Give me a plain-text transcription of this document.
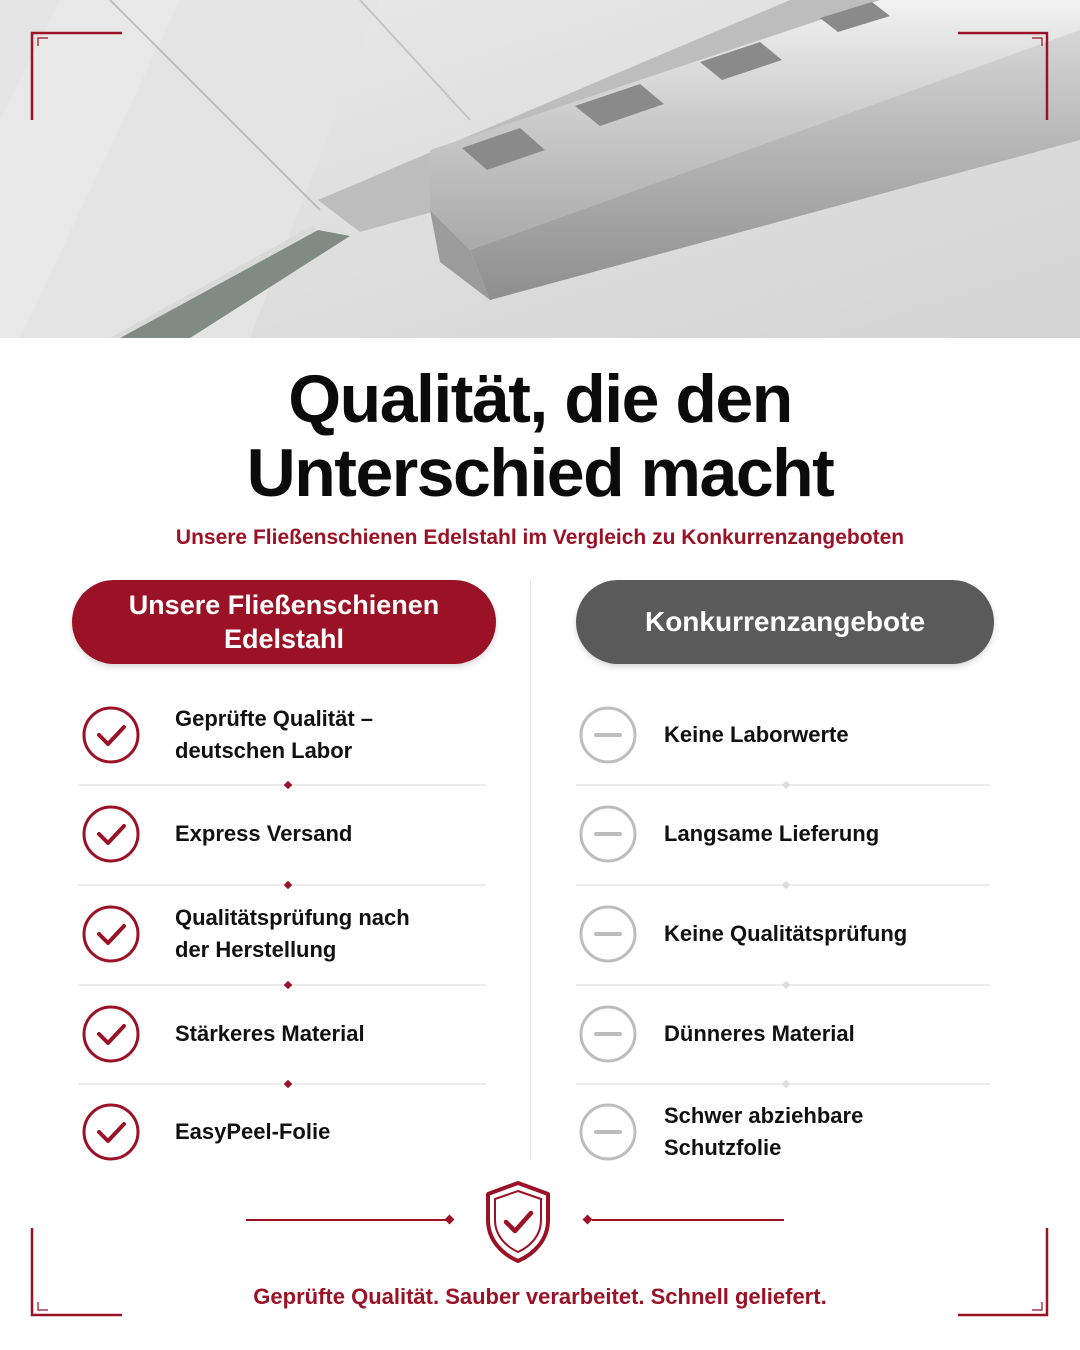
Qualität, die den
Unterschied macht
Unsere Fließenschienen Edelstahl im Vergleich zu Konkurrenzangeboten
Unsere Fließenschienen Edelstahl
Konkurrenzangebote
Geprüfte Qualität – deutschen Labor
Express Versand
Qualitätsprüfung nach der Herstellung
Stärkeres Material
EasyPeel-Folie
Keine Laborwerte
Langsame Lieferung
Keine Qualitätsprüfung
Dünneres Material
Schwer abziehbare Schutzfolie
Geprüfte Qualität. Sauber verarbeitet. Schnell geliefert.
